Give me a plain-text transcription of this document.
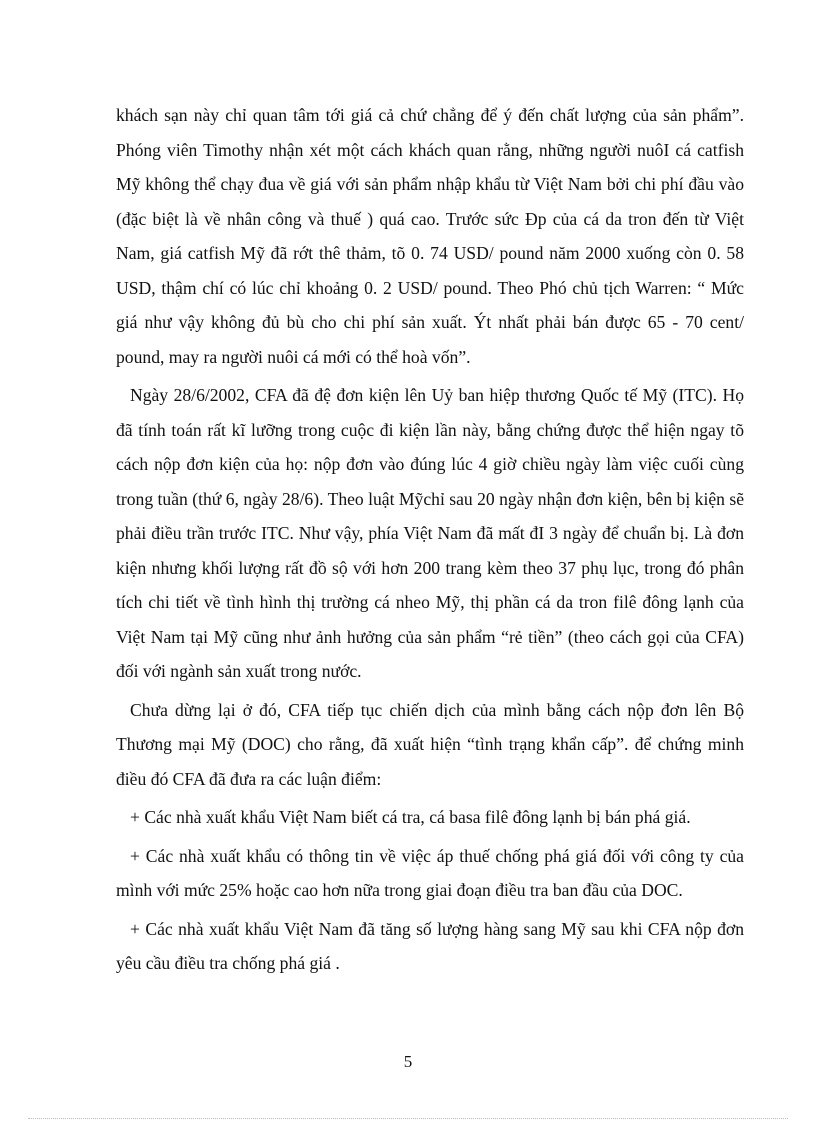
khách sạn này chỉ quan tâm tới giá cả chứ chẳng để ý đến chất lượng của sản phẩm”. Phóng viên Timothy nhận xét một cách khách quan rằng, những người nuôI cá catfish Mỹ không thể chạy đua về giá với sản phẩm nhập khẩu từ Việt Nam bởi chi phí đầu vào (đặc biệt là về nhân công và thuế ) quá cao. Trước sức Ðp của cá da tron đến từ Việt Nam, giá catfish Mỹ đã rớt thê thảm, tõ 0. 74 USD/ pound năm 2000 xuống còn 0. 58 USD, thậm chí có lúc chỉ khoảng 0. 2 USD/ pound. Theo Phó chủ tịch Warren: “ Mức giá như vậy không đủ bù cho chi phí sản xuất. Ýt nhất phải bán được 65 - 70 cent/ pound, may ra người nuôi cá mới có thể hoà vốn”.

Ngày 28/6/2002, CFA đã đệ đơn kiện lên Uỷ ban hiệp thương Quốc tế Mỹ (ITC). Họ đã tính toán rất kĩ lưỡng trong cuộc đi kiện lần này, bằng chứng được thể hiện ngay tõ cách nộp đơn kiện của họ: nộp đơn vào đúng lúc 4 giờ chiều ngày làm việc cuối cùng trong tuần (thứ 6, ngày 28/6). Theo luật Mỹchỉ sau 20 ngày nhận đơn kiện, bên bị kiện sẽ phải điều trần trước ITC. Như vậy, phía Việt Nam đã mất đI 3 ngày để chuẩn bị. Là đơn kiện nhưng khối lượng rất đồ sộ với hơn 200 trang kèm theo 37 phụ lục, trong đó phân tích chi tiết về tình hình thị trường cá nheo Mỹ, thị phần cá da tron filê đông lạnh của Việt Nam tại Mỹ cũng như ảnh hưởng của sản phẩm “rẻ tiền” (theo cách gọi của CFA) đối với ngành sản xuất trong nước.

Chưa dừng lại ở đó, CFA tiếp tục chiến dịch của mình bằng cách nộp đơn lên Bộ Thương mại Mỹ (DOC) cho rằng, đã xuất hiện “tình trạng khẩn cấp”. để chứng minh điều đó CFA đã đưa ra các luận điểm:

+ Các nhà xuất khẩu Việt Nam biết cá tra, cá basa filê đông lạnh bị bán phá giá.

+ Các nhà xuất khẩu có thông tin về việc áp thuế chống phá giá đối với công ty của mình với mức 25% hoặc cao hơn nữa trong giai đoạn điều tra ban đầu của DOC.

+ Các nhà xuất khẩu Việt Nam đã tăng số lượng hàng sang Mỹ sau khi CFA nộp đơn yêu cầu điều tra chống phá giá .

5
